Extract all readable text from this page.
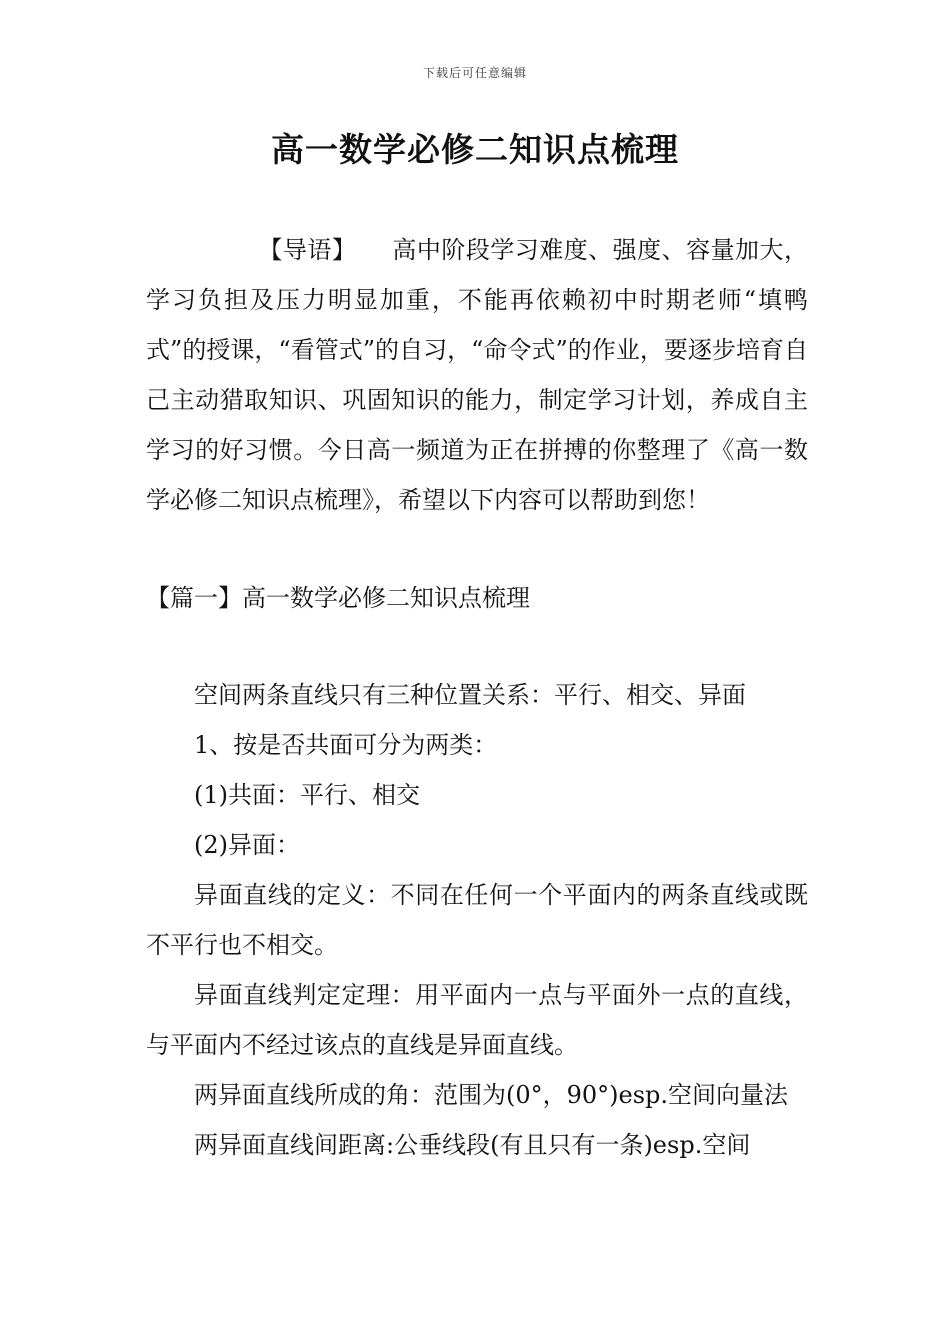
下载后可任意编辑
高一数学必修二知识点梳理

【导语】 高中阶段学习难度、强度、容量加大，学习负担及压力明显加重，不能再依赖初中时期老师“填鸭式”的授课，“看管式”的自习，“命令式”的作业，要逐步培育自己主动猎取知识、巩固知识的能力，制定学习计划，养成自主学习的好习惯。今日高一频道为正在拼搏的你整理了《高一数学必修二知识点梳理》，希望以下内容可以帮助到您！

【篇一】高一数学必修二知识点梳理

空间两条直线只有三种位置关系：平行、相交、异面

1、按是否共面可分为两类：

(1)共面：平行、相交

(2)异面：

异面直线的定义：不同在任何一个平面内的两条直线或既不平行也不相交。

异面直线判定定理：用平面内一点与平面外一点的直线，与平面内不经过该点的直线是异面直线。

两异面直线所成的角：范围为(0°，90°)esp.空间向量法

两异面直线间距离:公垂线段(有且只有一条)esp.空间
